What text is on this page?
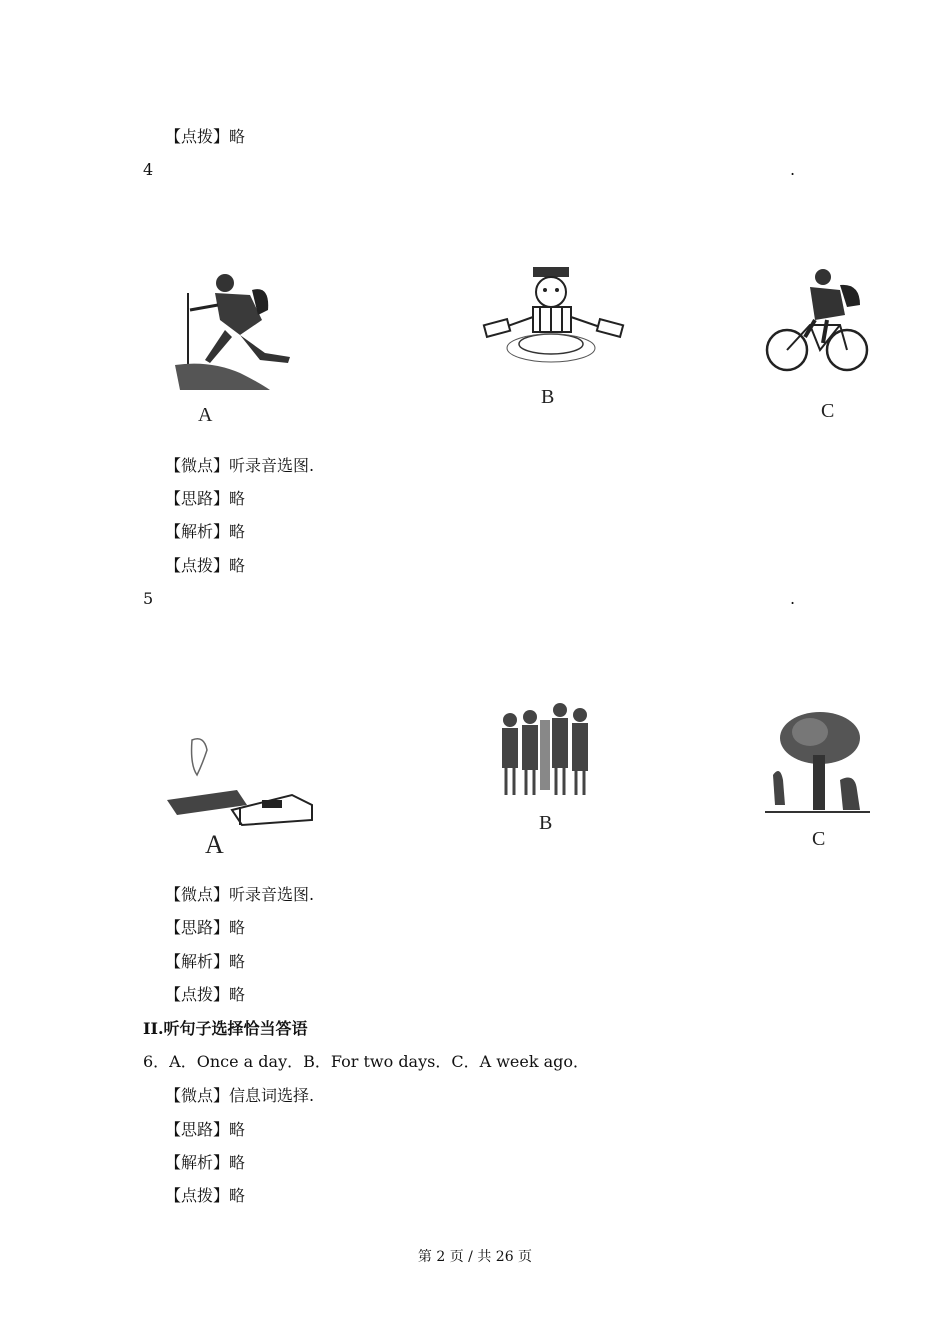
【点拨】略
4	.
A
B
C
【微点】听录音选图.
【思路】略
【解析】略
【点拨】略
5	.
A
B
C
【微点】听录音选图.
【思路】略
【解析】略
【点拨】略
II.听句子选择恰当答语
6．A．Once a day．B．For two days．C．A week ago．
【微点】信息词选择.
【思路】略
【解析】略
【点拨】略
第 2 页 / 共 26 页
